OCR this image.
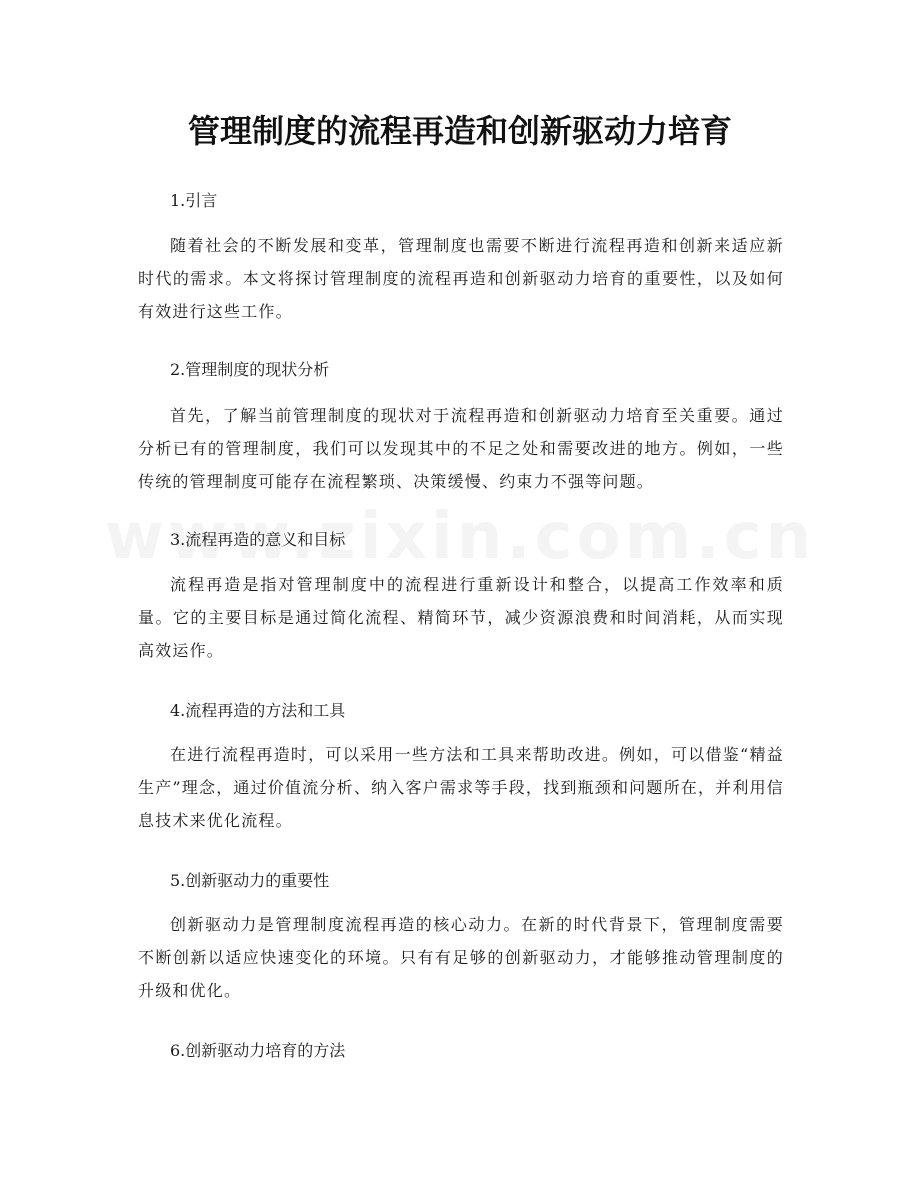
管理制度的流程再造和创新驱动力培育
1.引言
随着社会的不断发展和变革，管理制度也需要不断进行流程再造和创新来适应新时代的需求。本文将探讨管理制度的流程再造和创新驱动力培育的重要性，以及如何有效进行这些工作。
2.管理制度的现状分析
首先，了解当前管理制度的现状对于流程再造和创新驱动力培育至关重要。通过分析已有的管理制度，我们可以发现其中的不足之处和需要改进的地方。例如，一些传统的管理制度可能存在流程繁琐、决策缓慢、约束力不强等问题。
3.流程再造的意义和目标
流程再造是指对管理制度中的流程进行重新设计和整合，以提高工作效率和质量。它的主要目标是通过简化流程、精简环节，减少资源浪费和时间消耗，从而实现高效运作。
4.流程再造的方法和工具
在进行流程再造时，可以采用一些方法和工具来帮助改进。例如，可以借鉴“精益生产”理念，通过价值流分析、纳入客户需求等手段，找到瓶颈和问题所在，并利用信息技术来优化流程。
5.创新驱动力的重要性
创新驱动力是管理制度流程再造的核心动力。在新的时代背景下，管理制度需要不断创新以适应快速变化的环境。只有有足够的创新驱动力，才能够推动管理制度的升级和优化。
6.创新驱动力培育的方法
